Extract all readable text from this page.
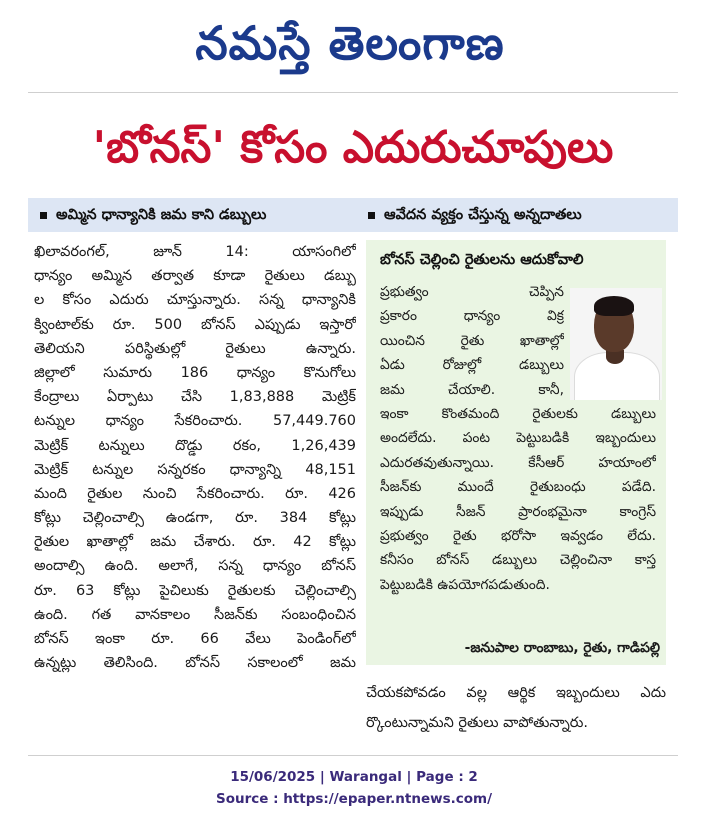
నమస్తే తెలంగాణ
'బోనస్' కోసం ఎదురుచూపులు
అమ్మిన ధాన్యానికి జమ కాని డబ్బులు	ఆవేదన వ్యక్తం చేస్తున్న అన్నదాతలు

ఖిలావరంగల్, జూన్ 14: యాసంగిలో

ధాన్యం అమ్మిన తర్వాత కూడా రైతులు డబ్బు

ల కోసం ఎదురు చూస్తున్నారు. సన్న ధాన్యానికి

క్వింటాల్‌కు రూ. 500 బోనస్ ఎప్పుడు ఇస్తారో

తెలియని పరిస్థితుల్లో రైతులు ఉన్నారు.

జిల్లాలో సుమారు 186 ధాన్యం కొనుగోలు

కేంద్రాలు ఏర్పాటు చేసి 1,83,888 మెట్రిక్

టన్నుల ధాన్యం సేకరించారు. 57,449.760

మెట్రిక్ టన్నులు దొడ్డు రకం, 1,26,439

మెట్రిక్ టన్నుల సన్నరకం ధాన్యాన్ని 48,151

మంది రైతుల నుంచి సేకరించారు. రూ. 426

కోట్లు చెల్లించాల్సి ఉండగా, రూ. 384 కోట్లు

రైతుల ఖాతాల్లో జమ చేశారు. రూ. 42 కోట్లు

అందాల్సి ఉంది. అలాగే, సన్న ధాన్యం బోనస్

రూ. 63 కోట్లు పైచిలుకు రైతులకు చెల్లించాల్సి

ఉంది. గత వానకాలం సీజన్‌కు సంబంధించిన

బోనస్ ఇంకా రూ. 66 వేలు పెండింగ్‌లో

ఉన్నట్లు తెలిసింది. బోనస్ సకాలంలో జమ

బోనస్ చెల్లించి రైతులను ఆదుకోవాలి

ప్రభుత్వం చెప్పిన

ప్రకారం ధాన్యం విక్ర

యించిన రైతు ఖాతాల్లో

ఏడు రోజుల్లో డబ్బులు

జమ చేయాలి. కానీ,

ఇంకా కొంతమంది రైతులకు డబ్బులు

అందలేదు. పంట పెట్టుబడికి ఇబ్బందులు

ఎదురతవుతున్నాయి. కేసీఆర్ హయాంలో

సీజన్‌కు ముందే రైతుబంధు పడేది.

ఇప్పుడు సీజన్ ప్రారంభమైనా కాంగ్రెస్

ప్రభుత్వం రైతు భరోసా ఇవ్వడం లేదు.

కనీసం బోనస్ డబ్బులు చెల్లించినా కాస్త

పెట్టుబడికి ఉపయోగపడుతుంది.

-జనుపాల రాంబాబు, రైతు, గాడిపల్లి

చేయకపోవడం వల్ల ఆర్థిక ఇబ్బందులు ఎదు

ర్కొంటున్నామని రైతులు వాపోతున్నారు.

15/06/2025 | Warangal | Page : 2
Source : https://epaper.ntnews.com/
